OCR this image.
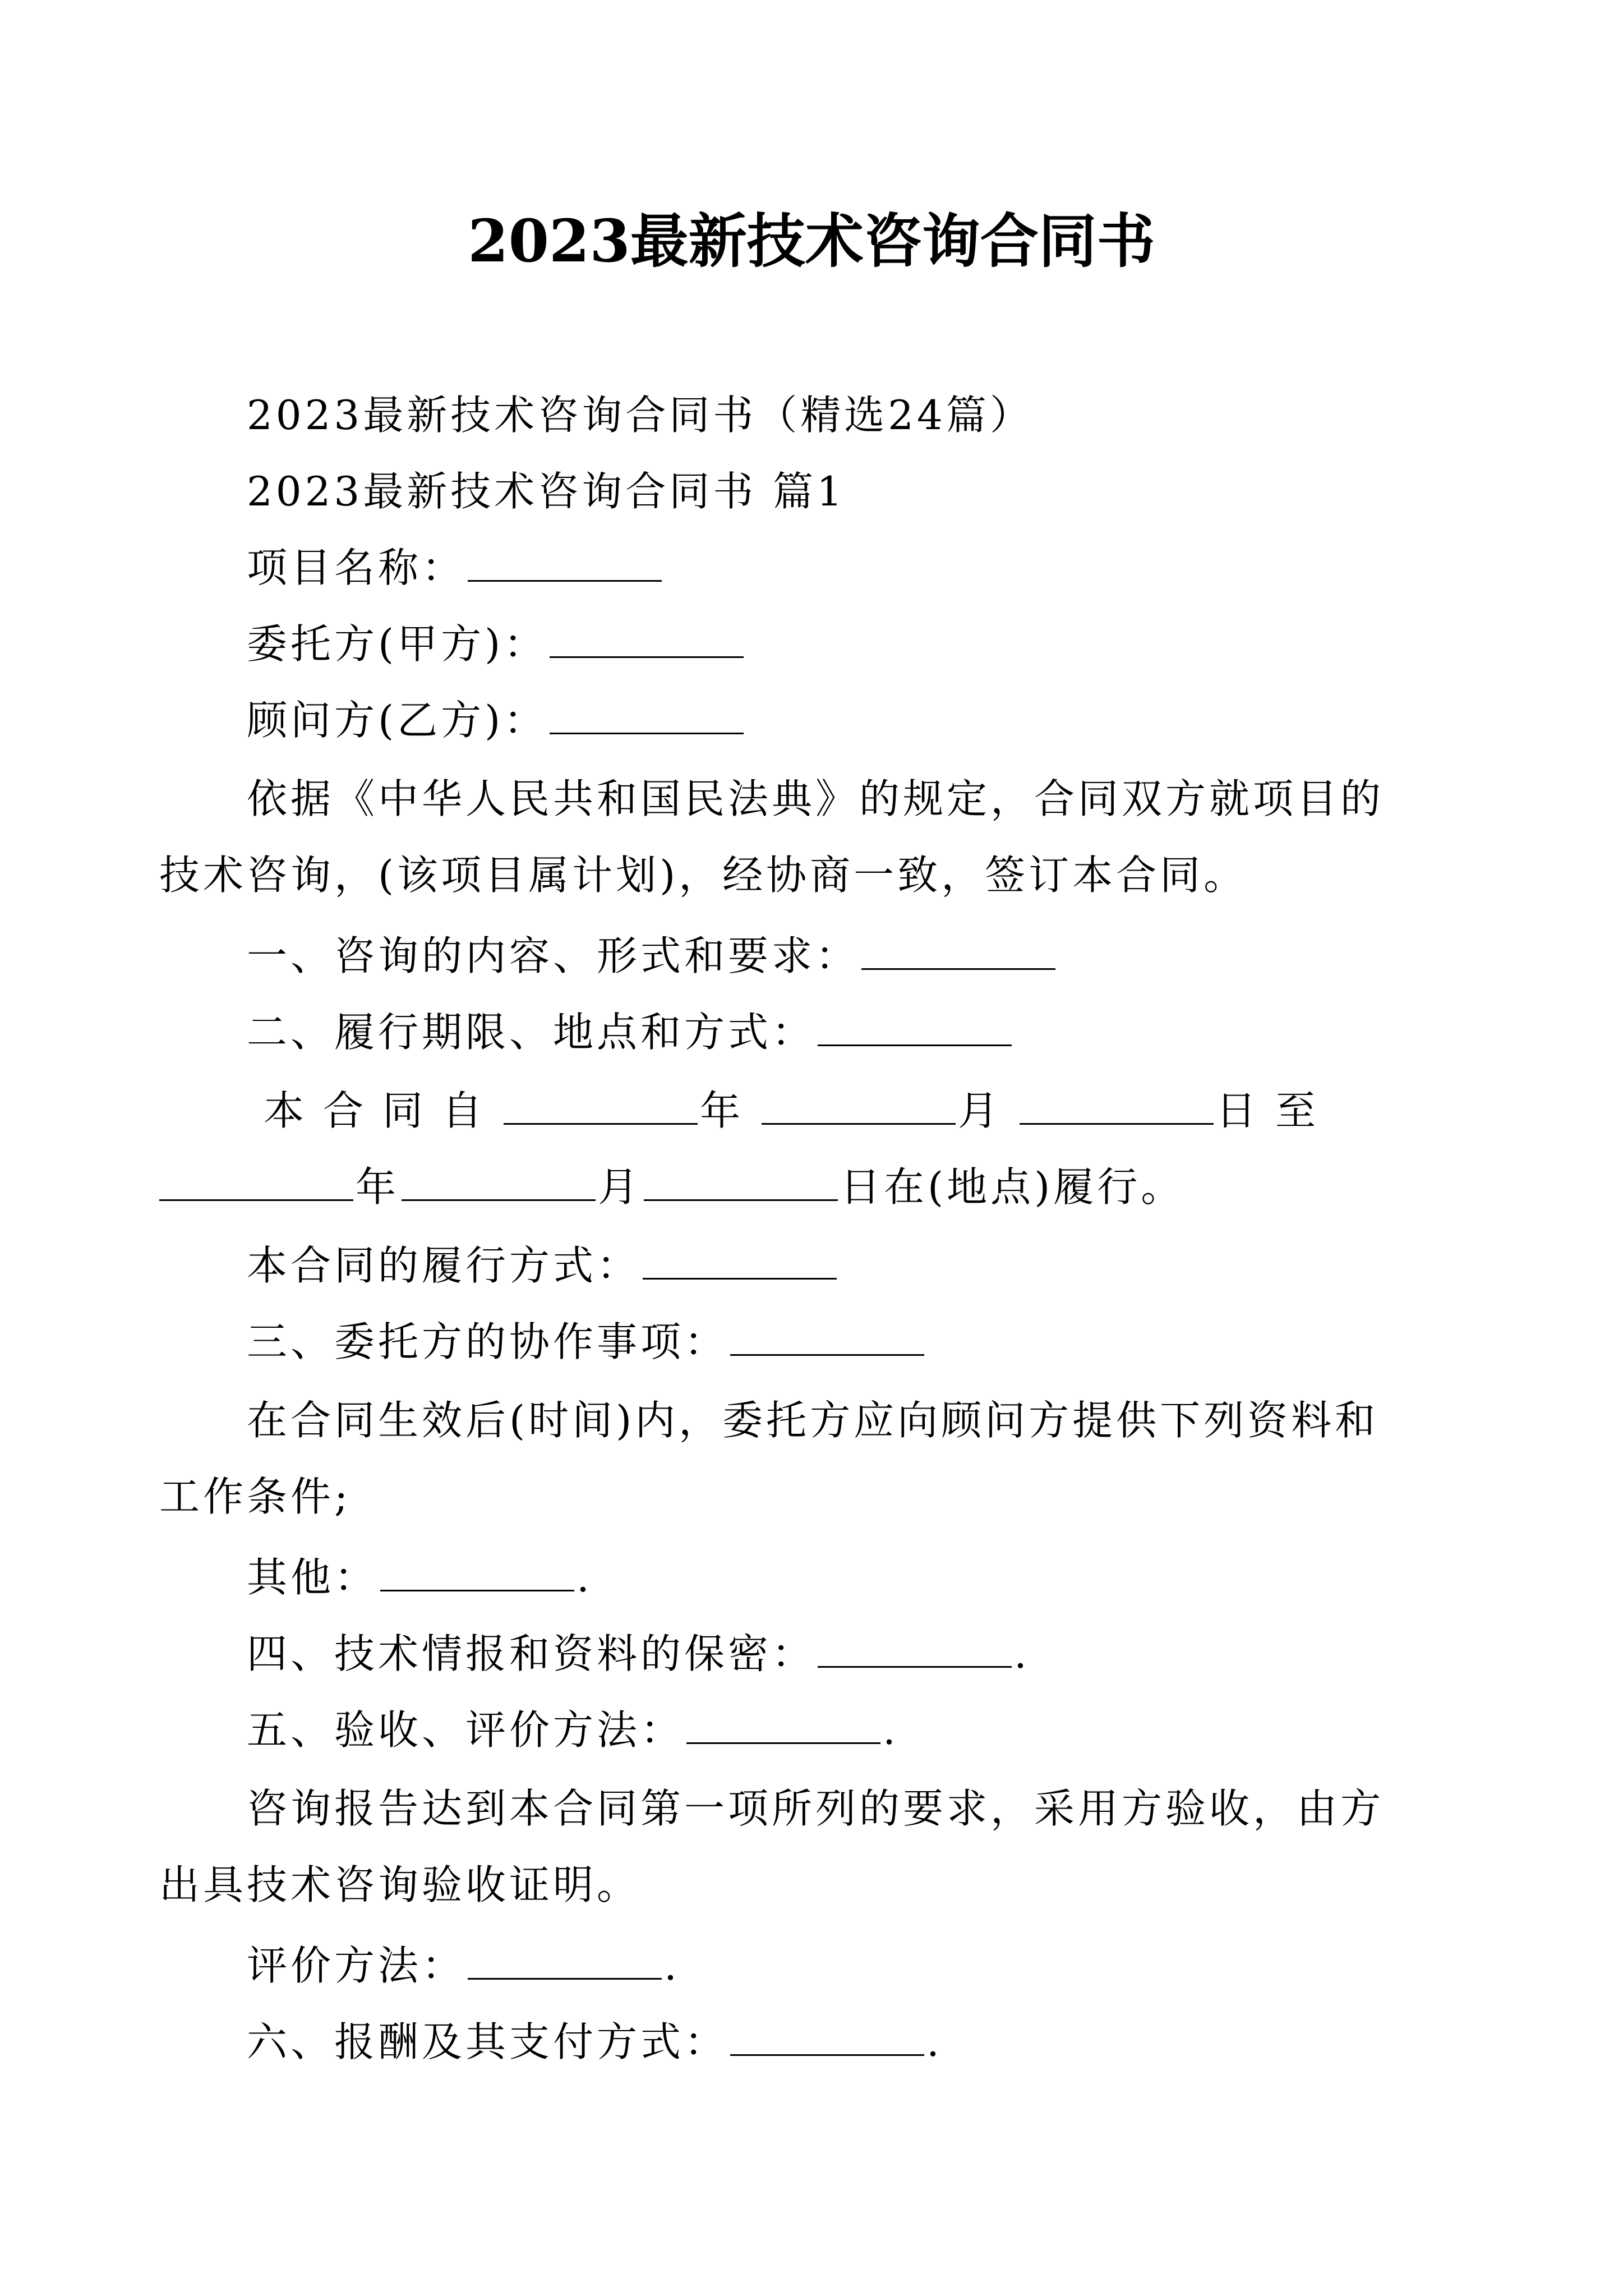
2023最新技术咨询合同书
2023最新技术咨询合同书（精选24篇）
2023最新技术咨询合同书 篇1
项目名称：
委托方(甲方)：
顾问方(乙方)：
依据《中华人民共和国民法典》的规定，合同双方就项目的技术咨询，(该项目属计划)，经协商一致，签订本合同。
一、咨询的内容、形式和要求：
二、履行期限、地点和方式：
本合同自	年	月	日至
年	月	日在(地点)履行。
本合同的履行方式：
三、委托方的协作事项：
在合同生效后(时间)内，委托方应向顾问方提供下列资料和工作条件;
其他：	.
四、技术情报和资料的保密：	.
五、验收、评价方法：	.
咨询报告达到本合同第一项所列的要求，采用方验收，由方出具技术咨询验收证明。
评价方法：	.
六、报酬及其支付方式：	.
